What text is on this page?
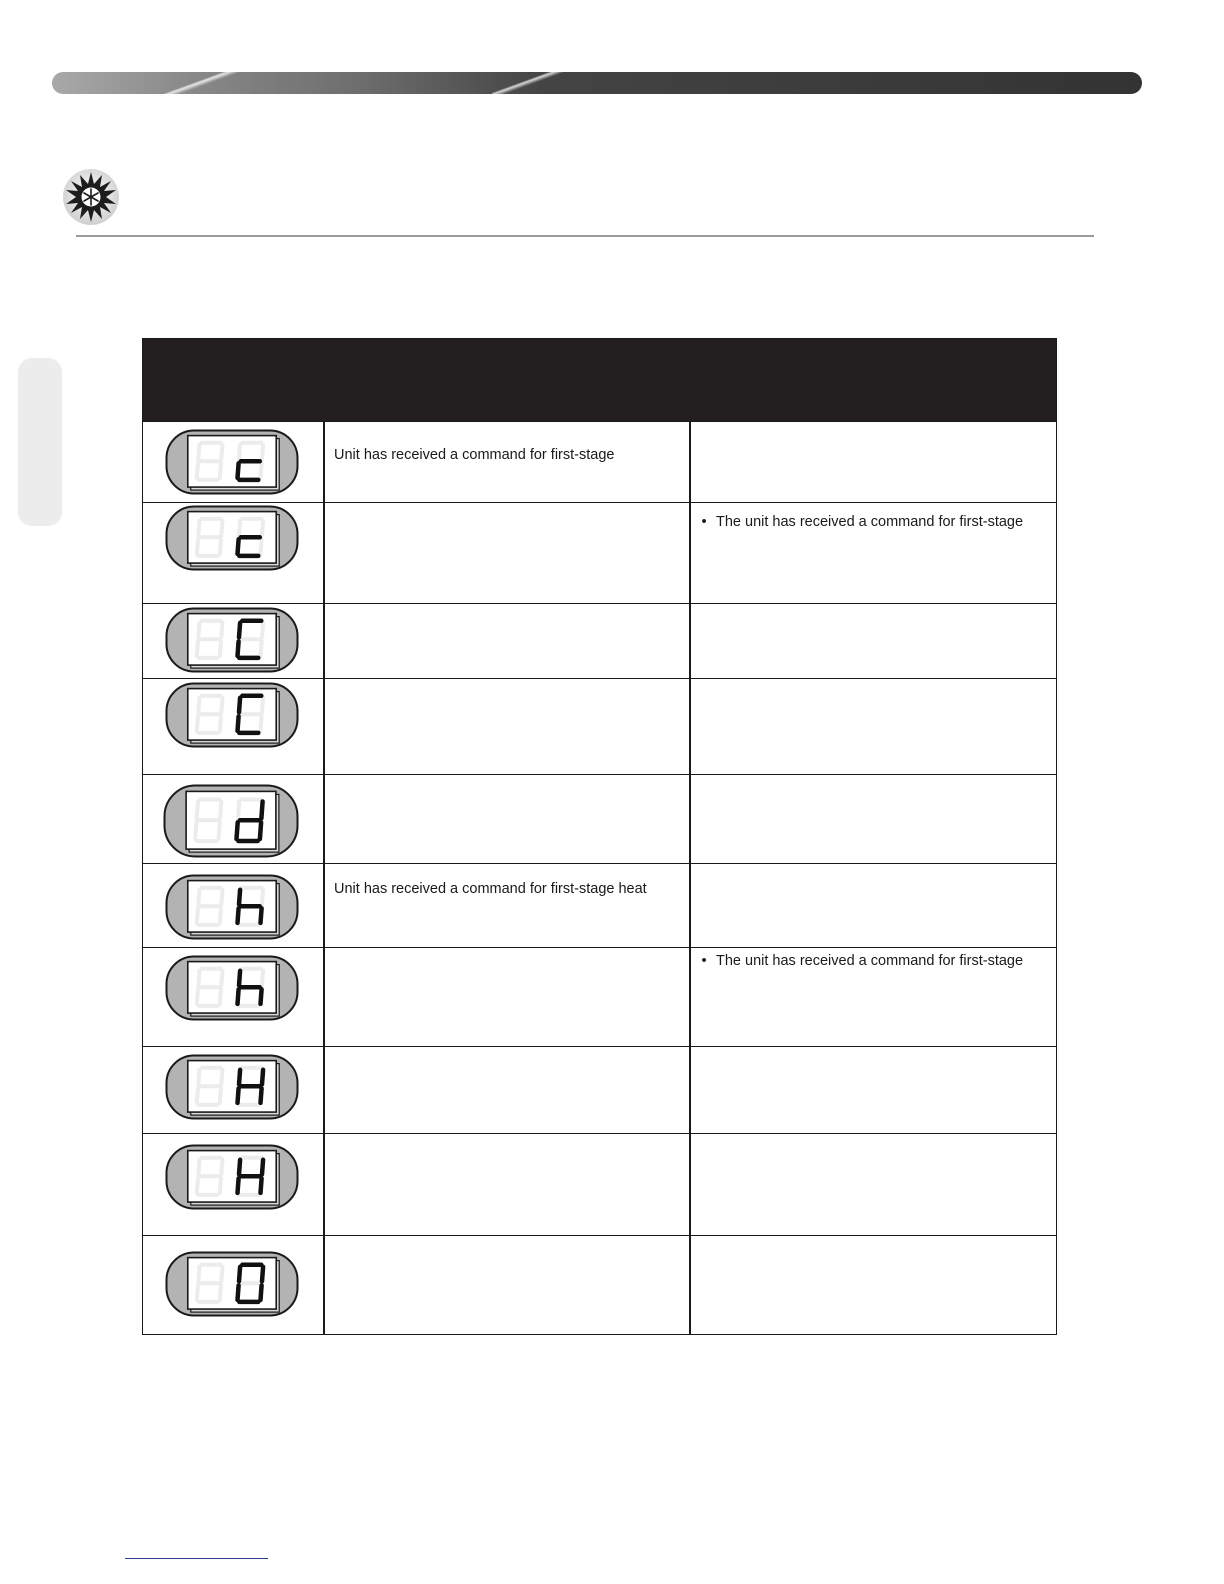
Unit has received a command for first-stage
• The unit has received a command for first-stage
Unit has received a command for first-stage heat
• The unit has received a command for first-stage
